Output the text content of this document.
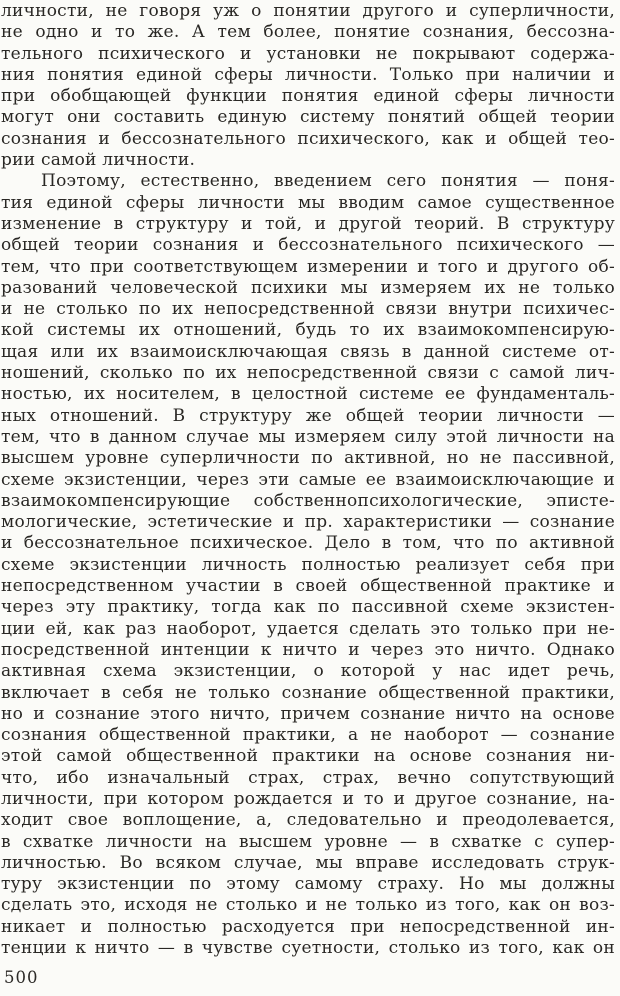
личности, не говоря уж о понятии другого и суперличности,
не одно и то же. А тем более, понятие сознания, бессозна-
тельного психического и установки не покрывают содержа-
ния понятия единой сферы личности. Только при наличии и
при обобщающей функции понятия единой сферы личности
могут они составить единую систему понятий общей теории
сознания и бессознательного психического, как и общей тео-
рии самой личности.
Поэтому, естественно, введением сего понятия — поня-
тия единой сферы личности мы вводим самое существенное
изменение в структуру и той, и другой теорий. В структуру
общей теории сознания и бессознательного психического —
тем, что при соответствующем измерении и того и другого об-
разований человеческой психики мы измеряем их не только
и не столько по их непосредственной связи внутри психичес-
кой системы их отношений, будь то их взаимокомпенсирую-
щая или их взаимоисключающая связь в данной системе от-
ношений, сколько по их непосредственной связи с самой лич-
ностью, их носителем, в целостной системе ее фундаменталь-
ных отношений. В структуру же общей теории личности —
тем, что в данном случае мы измеряем силу этой личности на
высшем уровне суперличности по активной, но не пассивной,
схеме экзистенции, через эти самые ее взаимоисключающие и
взаимокомпенсирующие собственнопсихологические, эписте-
мологические, эстетические и пр. характеристики — сознание
и бессознательное психическое. Дело в том, что по активной
схеме экзистенции личность полностью реализует себя при
непосредственном участии в своей общественной практике и
через эту практику, тогда как по пассивной схеме экзистен-
ции ей, как раз наоборот, удается сделать это только при не-
посредственной интенции к ничто и через это ничто. Однако
активная схема экзистенции, о которой у нас идет речь,
включает в себя не только сознание общественной практики,
но и сознание этого ничто, причем сознание ничто на основе
сознания общественной практики, а не наоборот — сознание
этой самой общественной практики на основе сознания ни-
что, ибо изначальный страх, страх, вечно сопутствующий
личности, при котором рождается и то и другое сознание, на-
ходит свое воплощение, а, следовательно и преодолевается,
в схватке личности на высшем уровне — в схватке с супер-
личностью. Во всяком случае, мы вправе исследовать струк-
туру экзистенции по этому самому страху. Но мы должны
сделать это, исходя не столько и не только из того, как он воз-
никает и полностью расходуется при непосредственной ин-
тенции к ничто — в чувстве суетности, столько из того, как он
500
